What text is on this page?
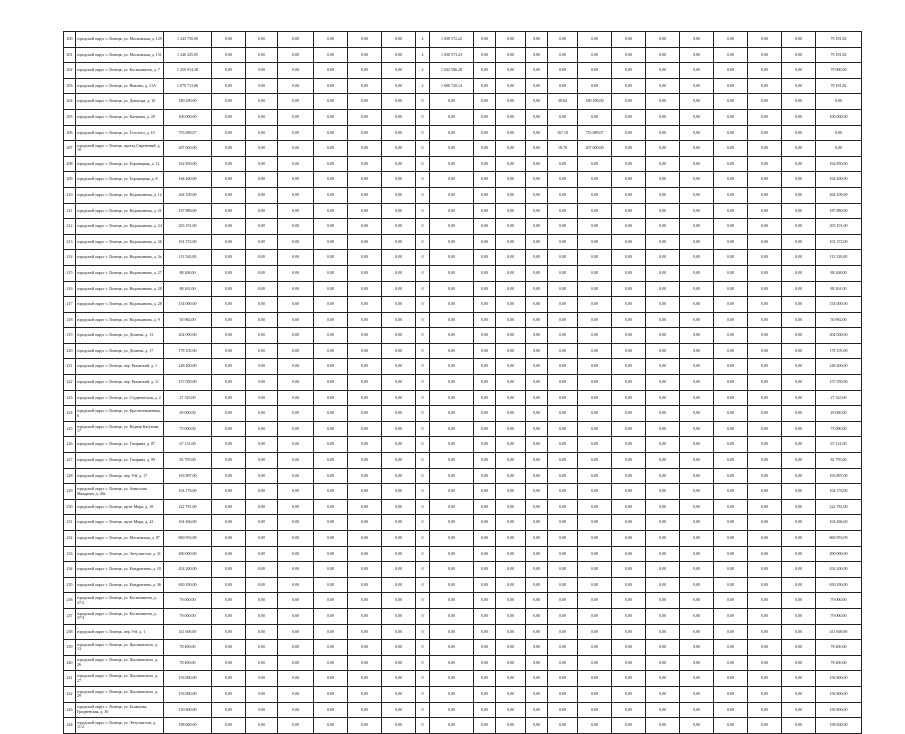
200	городской округ г. Липецк, ул. Московская, д. 129	1 243 750,00	0,00	0,00	0,00	0,00	0,00	0,00	2	1 038 572,22	0,00	0,00	0,00	0,00	0,00	0,00	0,00	0,00	0,00	0,00	0,00	79 181,82
201	городской округ г. Липецк, ул. Московская, д. 131	1 246 325,05	0,00	0,00	0,00	0,00	0,00	0,00	2	1 038 573,23	0,00	0,00	0,00	0,00	0,00	0,00	0,00	0,00	0,00	0,00	0,00	79 181,82
202	городской округ г. Липецк, ул. Космонавтов, д. 7	1 250 914,38	0,00	0,00	0,00	0,00	0,00	0,00	2	1 042 586,28	0,00	0,00	0,00	0,00	0,00	0,00	0,00	0,00	0,00	0,00	0,00	79 000,00
203	городской округ г. Липецк, ул. Никиты, д. 21А	1 079 713,86	0,00	0,00	0,00	0,00	0,00	0,00	2	1 000 720,14	0,00	0,00	0,00	0,00	0,00	0,00	0,00	0,00	0,00	0,00	0,00	79 181,82
204	городской округ г. Липецк, ул. Доватора, д. 10	180 290,00	0,00	0,00	0,00	0,00	0,00	0,00	0	0,00	0,00	0,00	0,00	38,84	180 290,00	0,00	0,00	0,00	0,00	0,00	0,00	0,00
205	городской округ г. Липецк, ул. Катукова, д. 20	106 000,00	0,00	0,00	0,00	0,00	0,00	0,00	0	0,00	0,00	0,00	0,00	0,00	0,00	0,00	0,00	0,00	0,00	0,00	0,00	106 000,00
206	городской округ г. Липецк, ул. Толстого, д. 10	755 089,07	0,00	0,00	0,00	0,00	0,00	0,00	0	0,00	0,00	0,00	0,00	167,10	755 089,07	0,00	0,00	0,00	0,00	0,00	0,00	0,00
207	городской округ г. Липецк, проезд Сиреневый, д. 10	207 600,00	0,00	0,00	0,00	0,00	0,00	0,00	0	0,00	0,00	0,00	0,00	18,78	207 600,00	0,00	0,00	0,00	0,00	0,00	0,00	0,00
208	городской округ г. Липецк, ул. Боровицкая, д. 12	162 850,00	0,00	0,00	0,00	0,00	0,00	0,00	0	0,00	0,00	0,00	0,00	0,00	0,00	0,00	0,00	0,00	0,00	0,00	0,00	162 850,00
209	городской округ г. Липецк, ул. Боровицкая, д. 8	164 400,00	0,00	0,00	0,00	0,00	0,00	0,00	0	0,00	0,00	0,00	0,00	0,00	0,00	0,00	0,00	0,00	0,00	0,00	0,00	164 400,00
210	городской округ г. Липецк, ул. Водопьянова, д. 12	264 109,00	0,00	0,00	0,00	0,00	0,00	0,00	0	0,00	0,00	0,00	0,00	0,00	0,00	0,00	0,00	0,00	0,00	0,00	0,00	264 109,00
211	городской округ г. Липецк, ул. Водопьянова, д. 21	187 880,00	0,00	0,00	0,00	0,00	0,00	0,00	0	0,00	0,00	0,00	0,00	0,00	0,00	0,00	0,00	0,00	0,00	0,00	0,00	187 880,00
212	городской округ г. Липецк, ул. Водопьянова, д. 24	203 191,00	0,00	0,00	0,00	0,00	0,00	0,00	0	0,00	0,00	0,00	0,00	0,00	0,00	0,00	0,00	0,00	0,00	0,00	0,00	203 191,00
213	городской округ г. Липецк, ул. Водопьянова, д. 26	101 372,00	0,00	0,00	0,00	0,00	0,00	0,00	0	0,00	0,00	0,00	0,00	0,00	0,00	0,00	0,00	0,00	0,00	0,00	0,00	101 372,00
214	городской округ г. Липецк, ул. Водопьянова, д. 3а	113 520,00	0,00	0,00	0,00	0,00	0,00	0,00	0	0,00	0,00	0,00	0,00	0,00	0,00	0,00	0,00	0,00	0,00	0,00	0,00	113 520,00
215	городской округ г. Липецк, ул. Водопьянова, д. 27	88 268,00	0,00	0,00	0,00	0,00	0,00	0,00	0	0,00	0,00	0,00	0,00	0,00	0,00	0,00	0,00	0,00	0,00	0,00	0,00	88 268,00
216	городской округ г. Липецк, ул. Водопьянова, д. 28	88 261,00	0,00	0,00	0,00	0,00	0,00	0,00	0	0,00	0,00	0,00	0,00	0,00	0,00	0,00	0,00	0,00	0,00	0,00	0,00	88 261,00
217	городской округ г. Липецк, ул. Водопьянова, д. 28	154 000,00	0,00	0,00	0,00	0,00	0,00	0,00	0	0,00	0,00	0,00	0,00	0,00	0,00	0,00	0,00	0,00	0,00	0,00	0,00	154 000,00
218	городской округ г. Липецк, ул. Водопьянова, д. 9	50 982,00	0,00	0,00	0,00	0,00	0,00	0,00	0	0,00	0,00	0,00	0,00	0,00	0,00	0,00	0,00	0,00	0,00	0,00	0,00	50 982,00
219	городской округ г. Липецк, ул. Долины, д. 13	204 000,00	0,00	0,00	0,00	0,00	0,00	0,00	0	0,00	0,00	0,00	0,00	0,00	0,00	0,00	0,00	0,00	0,00	0,00	0,00	204 000,00
220	городской округ г. Липецк, ул. Долины, д. 17	178 105,00	0,00	0,00	0,00	0,00	0,00	0,00	0	0,00	0,00	0,00	0,00	0,00	0,00	0,00	0,00	0,00	0,00	0,00	0,00	178 105,00
221	городской округ г. Липецк, пер. Рязанский, д. 1	248 400,00	0,00	0,00	0,00	0,00	0,00	0,00	0	0,00	0,00	0,00	0,00	0,00	0,00	0,00	0,00	0,00	0,00	0,00	0,00	248 400,00
222	городской округ г. Липецк, пер. Рязанский, д. 11	157 050,00	0,00	0,00	0,00	0,00	0,00	0,00	0	0,00	0,00	0,00	0,00	0,00	0,00	0,00	0,00	0,00	0,00	0,00	0,00	157 050,00
223	городской округ г. Липецк, ул. Студенческая, д. 2	27 325,00	0,00	0,00	0,00	0,00	0,00	0,00	0	0,00	0,00	0,00	0,00	0,00	0,00	0,00	0,00	0,00	0,00	0,00	0,00	27 325,00
224	городской округ г. Липецк, ул. Краснознаменная, 6	49 000,00	0,00	0,00	0,00	0,00	0,00	0,00	0	0,00	0,00	0,00	0,00	0,00	0,00	0,00	0,00	0,00	0,00	0,00	0,00	49 000,00
225	городской округ г. Липецк, ул. Водная Катукова, 17	75 000,00	0,00	0,00	0,00	0,00	0,00	0,00	0	0,00	0,00	0,00	0,00	0,00	0,00	0,00	0,00	0,00	0,00	0,00	0,00	75 000,00
226	городской округ г. Липецк, ул. Гагарина, д. 87	67 131,00	0,00	0,00	0,00	0,00	0,00	0,00	0	0,00	0,00	0,00	0,00	0,00	0,00	0,00	0,00	0,00	0,00	0,00	0,00	67 131,00
227	городской округ г. Липецк, ул. Гагарина, д. 99	82 795,00	0,00	0,00	0,00	0,00	0,00	0,00	0	0,00	0,00	0,00	0,00	0,00	0,00	0,00	0,00	0,00	0,00	0,00	0,00	82 795,00
228	городской округ г. Липецк, пер. 9-й, д. 17	163 897,00	0,00	0,00	0,00	0,00	0,00	0,00	0	0,00	0,00	0,00	0,00	0,00	0,00	0,00	0,00	0,00	0,00	0,00	0,00	163 897,00
229	городской округ г. Липецк, ул. Аммосова Макарова, д. 38а	104 176,00	0,00	0,00	0,00	0,00	0,00	0,00	0	0,00	0,00	0,00	0,00	0,00	0,00	0,00	0,00	0,00	0,00	0,00	0,00	104 176,00
230	городской округ г. Липецк, пр-кт Мира, д. 18	222 781,00	0,00	0,00	0,00	0,00	0,00	0,00	0	0,00	0,00	0,00	0,00	0,00	0,00	0,00	0,00	0,00	0,00	0,00	0,00	222 781,00
231	городской округ г. Липецк, пр-кт Мира, д. 22	104 466,00	0,00	0,00	0,00	0,00	0,00	0,00	0	0,00	0,00	0,00	0,00	0,00	0,00	0,00	0,00	0,00	0,00	0,00	0,00	104 466,00
232	городской округ г. Липецк, ул. Московская, д. 87	860 953,09	0,00	0,00	0,00	0,00	0,00	0,00	0	0,00	0,00	0,00	0,00	0,00	0,00	0,00	0,00	0,00	0,00	0,00	0,00	860 953,09
233	городской округ г. Липецк, ул. Энтузиастов, д. 31	490 000,00	0,00	0,00	0,00	0,00	0,00	0,00	0	0,00	0,00	0,00	0,00	0,00	0,00	0,00	0,00	0,00	0,00	0,00	0,00	490 000,00
234	городской округ г. Липецк, ул. Кондратьева, д. 10	454 200,00	0,00	0,00	0,00	0,00	0,00	0,00	0	0,00	0,00	0,00	0,00	0,00	0,00	0,00	0,00	0,00	0,00	0,00	0,00	454 200,00
235	городской округ г. Липецк, ул. Кондратьева, д. 36	650 290,00	0,00	0,00	0,00	0,00	0,00	0,00	0	0,00	0,00	0,00	0,00	0,00	0,00	0,00	0,00	0,00	0,00	0,00	0,00	650 290,00
236	городской округ г. Липецк, ул. Космонавтов, д. 37/2	79 000,00	0,00	0,00	0,00	0,00	0,00	0,00	0	0,00	0,00	0,00	0,00	0,00	0,00	0,00	0,00	0,00	0,00	0,00	0,00	79 000,00
237	городской округ г. Липецк, ул. Космонавтов, д. 37/3	79 000,00	0,00	0,00	0,00	0,00	0,00	0,00	0	0,00	0,00	0,00	0,00	0,00	0,00	0,00	0,00	0,00	0,00	0,00	0,00	79 000,00
238	городской округ г. Липецк, пер. 9-й, д. 1	411 600,00	0,00	0,00	0,00	0,00	0,00	0,00	0	0,00	0,00	0,00	0,00	0,00	0,00	0,00	0,00	0,00	0,00	0,00	0,00	411 600,00
239	городской округ г. Липецк, ул. Циолковского, д. 13	78 400,00	0,00	0,00	0,00	0,00	0,00	0,00	0	0,00	0,00	0,00	0,00	0,00	0,00	0,00	0,00	0,00	0,00	0,00	0,00	78 400,00
240	городской округ г. Липецк, ул. Циолковского, д. 26	78 400,00	0,00	0,00	0,00	0,00	0,00	0,00	0	0,00	0,00	0,00	0,00	0,00	0,00	0,00	0,00	0,00	0,00	0,00	0,00	78 400,00
241	городской округ г. Липецк, ул. Циолковского, д. 27	156 800,00	0,00	0,00	0,00	0,00	0,00	0,00	0	0,00	0,00	0,00	0,00	0,00	0,00	0,00	0,00	0,00	0,00	0,00	0,00	156 800,00
242	городской округ г. Липецк, ул. Циолковского, д. 29	156 800,00	0,00	0,00	0,00	0,00	0,00	0,00	0	0,00	0,00	0,00	0,00	0,00	0,00	0,00	0,00	0,00	0,00	0,00	0,00	156 800,00
243	городской округ г. Липецк, ул. Балашова, Гродненская, д. 30	150 800,00	0,00	0,00	0,00	0,00	0,00	0,00	0	0,00	0,00	0,00	0,00	0,00	0,00	0,00	0,00	0,00	0,00	0,00	0,00	150 800,00
244	городской округ г. Липецк, ул. Энтузиастов, д. 11/2	198 600,00	0,00	0,00	0,00	0,00	0,00	0,00	0	0,00	0,00	0,00	0,00	0,00	0,00	0,00	0,00	0,00	0,00	0,00	0,00	198 600,00
